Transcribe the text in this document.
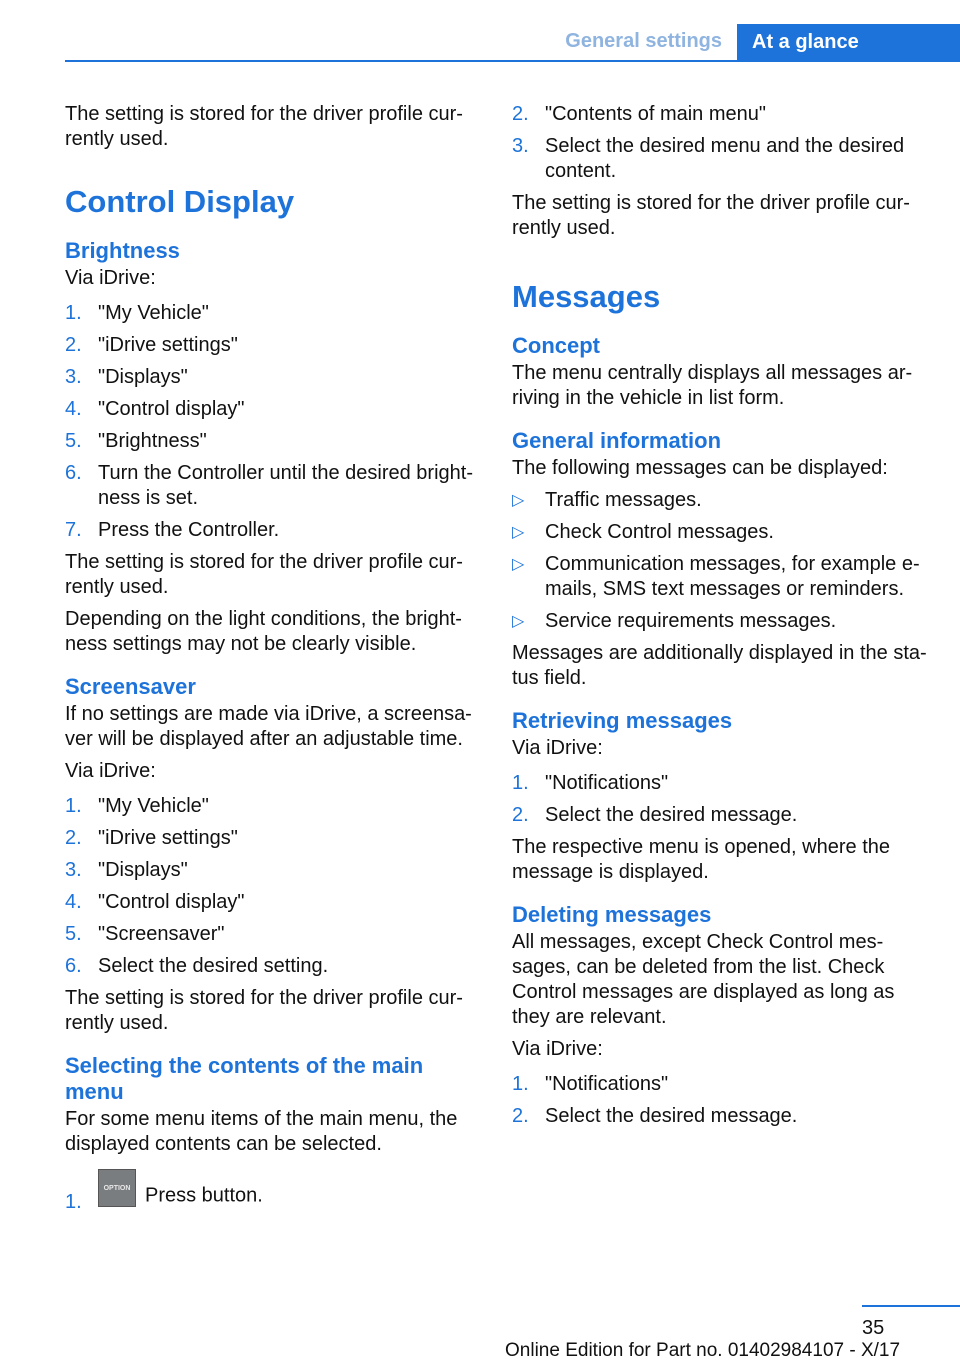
General settings	At a glance

The setting is stored for the driver profile cur-rently used.

Control Display
Brightness

Via iDrive:

1. "My Vehicle"
2. "iDrive settings"
3. "Displays"
4. "Control display"
5. "Brightness"
6. Turn the Controller until the desired bright-ness is set.
7. Press the Controller.

The setting is stored for the driver profile cur-rently used.

Depending on the light conditions, the bright-ness settings may not be clearly visible.

Screensaver

If no settings are made via iDrive, a screensa-ver will be displayed after an adjustable time.

Via iDrive:

1. "My Vehicle"
2. "iDrive settings"
3. "Displays"
4. "Control display"
5. "Screensaver"
6. Select the desired setting.

The setting is stored for the driver profile cur-rently used.

Selecting the contents of the main menu

For some menu items of the main menu, the displayed contents can be selected.

1.
OPTION Press button.
2. "Contents of main menu"
3. Select the desired menu and the desired content.

The setting is stored for the driver profile cur-rently used.

Messages
Concept

The menu centrally displays all messages ar-riving in the vehicle in list form.

General information

The following messages can be displayed:

▷	Traffic messages.
▷	Check Control messages.
▷	Communication messages, for example e-mails, SMS text messages or reminders.
▷	Service requirements messages.

Messages are additionally displayed in the sta-tus field.

Retrieving messages

Via iDrive:

1. "Notifications"
2. Select the desired message.

The respective menu is opened, where the message is displayed.

Deleting messages

All messages, except Check Control mes-sages, can be deleted from the list. Check Control messages are displayed as long as they are relevant.

Via iDrive:

1. "Notifications"
2. Select the desired message.
35
Online Edition for Part no. 01402984107 - X/17
